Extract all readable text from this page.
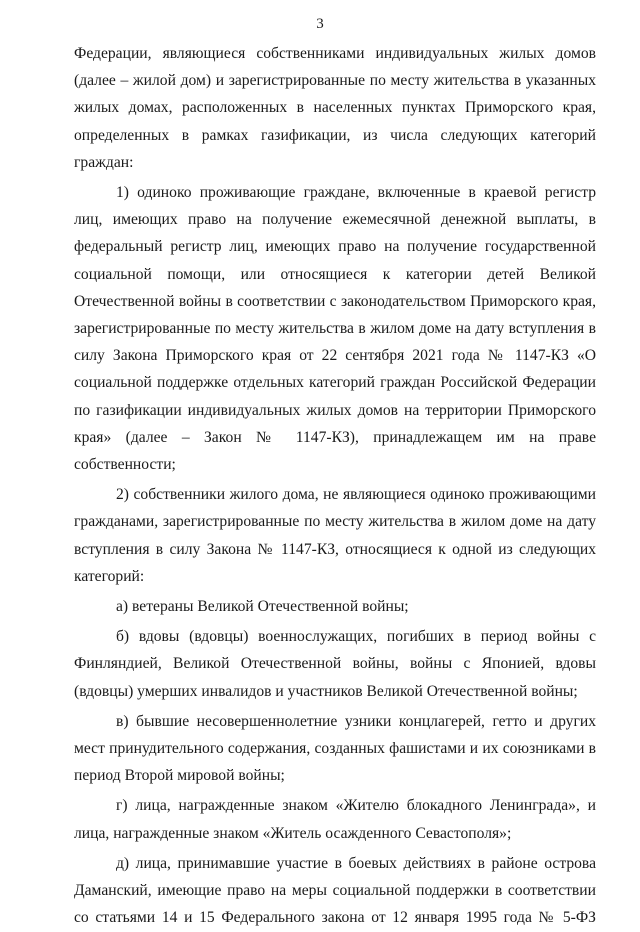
3

Федерации, являющиеся собственниками индивидуальных жилых домов (далее – жилой дом) и зарегистрированные по месту жительства в указанных жилых домах, расположенных в населенных пунктах Приморского края, определенных в рамках газификации, из числа следующих категорий граждан:

1) одиноко проживающие граждане, включенные в краевой регистр лиц, имеющих право на получение ежемесячной денежной выплаты, в федеральный регистр лиц, имеющих право на получение государственной социальной помощи, или относящиеся к категории детей Великой Отечественной войны в соответствии с законодательством Приморского края, зарегистрированные по месту жительства в жилом доме на дату вступления в силу Закона Приморского края от 22 сентября 2021 года № 1147-КЗ «О социальной поддержке отдельных категорий граждан Российской Федерации по газификации индивидуальных жилых домов на территории Приморского края» (далее – Закон № 1147-КЗ), принадлежащем им на праве собственности;

2) собственники жилого дома, не являющиеся одиноко проживающими гражданами, зарегистрированные по месту жительства в жилом доме на дату вступления в силу Закона № 1147-КЗ, относящиеся к одной из следующих категорий:

а) ветераны Великой Отечественной войны;

б) вдовы (вдовцы) военнослужащих, погибших в период войны с Финляндией, Великой Отечественной войны, войны с Японией, вдовы (вдовцы) умерших инвалидов и участников Великой Отечественной войны;

в) бывшие несовершеннолетние узники концлагерей, гетто и других мест принудительного содержания, созданных фашистами и их союзниками в период Второй мировой войны;

г) лица, награжденные знаком «Жителю блокадного Ленинграда», и лица, награжденные знаком «Житель осажденного Севастополя»;

д) лица, принимавшие участие в боевых действиях в районе острова Даманский, имеющие право на меры социальной поддержки в соответствии со статьями 14 и 15 Федерального закона от 12 января 1995 года № 5-ФЗ
